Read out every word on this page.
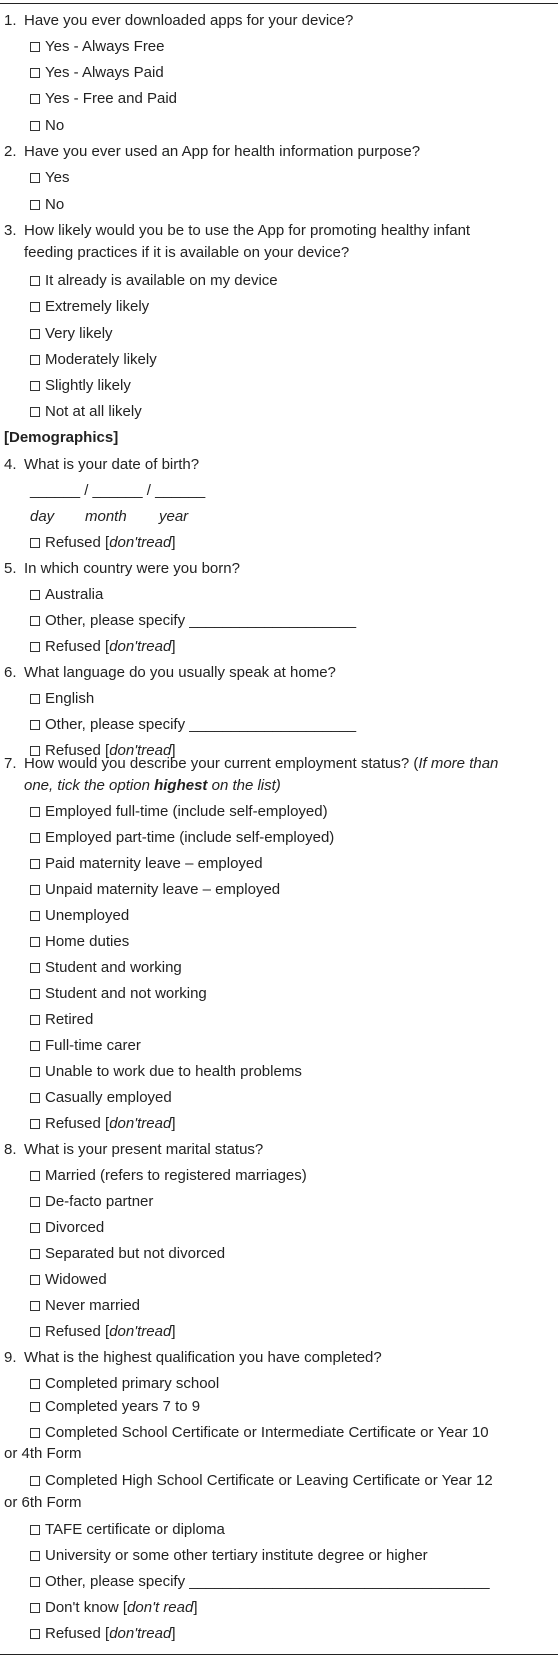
1. Have you ever downloaded apps for your device?
Yes - Always Free
Yes - Always Paid
Yes - Free and Paid
No
2. Have you ever used an App for health information purpose?
Yes
No
3. How likely would you be to use the App for promoting healthy infant
feeding practices if it is available on your device?
It already is available on my device
Extremely likely
Very likely
Moderately likely
Slightly likely
Not at all likely
[Demographics]
4. What is your date of birth?
______ / ______ / ______
day month year
Refused [don'tread]
5. In which country were you born?
Australia
Other, please specify ____________________
Refused [don'tread]
6. What language do you usually speak at home?
English
Other, please specify ____________________
Refused [don'tread]
7. How would you describe your current employment status? (If more than
one, tick the option highest on the list)
Employed full-time (include self-employed)
Employed part-time (include self-employed)
Paid maternity leave – employed
Unpaid maternity leave – employed
Unemployed
Home duties
Student and working
Student and not working
Retired
Full-time carer
Unable to work due to health problems
Casually employed
Refused [don'tread]
8. What is your present marital status?
Married (refers to registered marriages)
De-facto partner
Divorced
Separated but not divorced
Widowed
Never married
Refused [don'tread]
9. What is the highest qualification you have completed?
Completed primary school
Completed years 7 to 9
Completed School Certificate or Intermediate Certificate or Year 10
or 4th Form
Completed High School Certificate or Leaving Certificate or Year 12
or 6th Form
TAFE certificate or diploma
University or some other tertiary institute degree or higher
Other, please specify ____________________________________
Don't know [don't read]
Refused [don'tread]
